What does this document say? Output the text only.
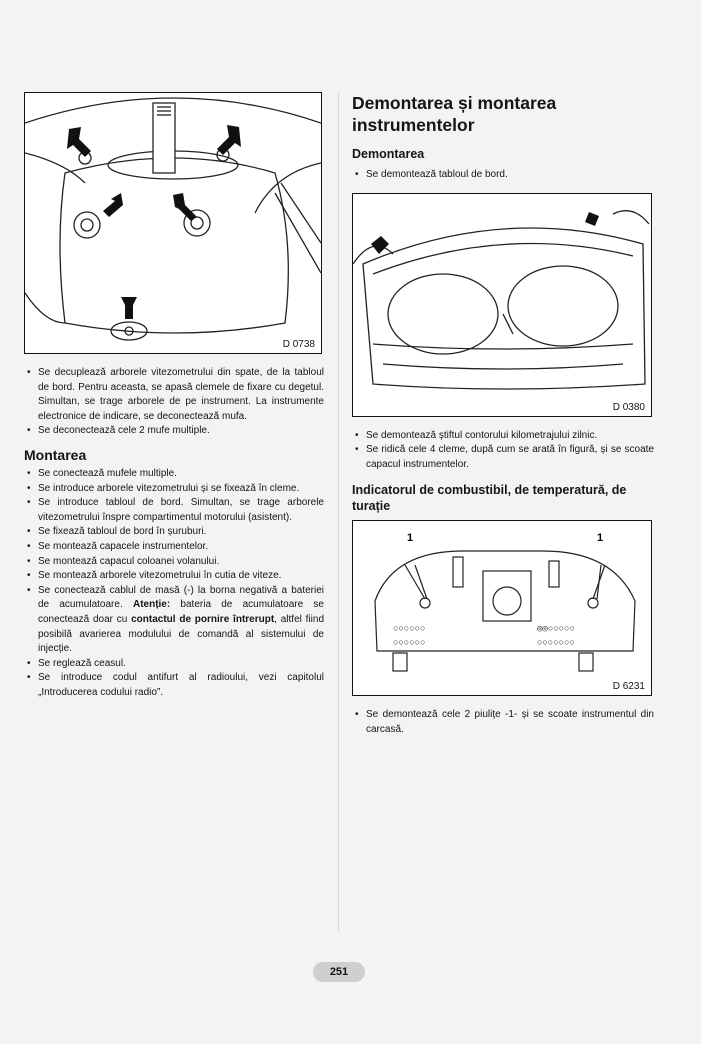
D 0738
• Se decuplează arborele vitezometrului din spate, de la tabloul de bord. Pentru aceasta, se apasă clemele de fixare cu degetul. Simultan, se trage arborele de pe instrument. La instrumente electronice de indicare, se deconectează mufa.
• Se deconectează cele 2 mufe multiple.
Montarea
• Se conectează mufele multiple.
• Se introduce arborele vitezometrului și se fixează în cleme.
• Se introduce tabloul de bord. Simultan, se trage arborele vitezometrului înspre compartimentul motorului (asistent).
• Se fixează tabloul de bord în șuruburi.
• Se montează capacele instrumentelor.
• Se montează capacul coloanei volanului.
• Se montează arborele vitezometrului în cutia de viteze.
• Se conectează cablul de masă (-) la borna negativă a bateriei de acumulatoare. Atenție: bateria de acumulatoare se conectează doar cu contactul de pornire întrerupt, altfel fiind posibilă avarierea modulului de comandă al sistemului de injecție.
• Se reglează ceasul.
• Se introduce codul antifurt al radioului, vezi capitolul „Introducerea codului radio”.
Demontarea și montarea instrumentelor
Demontarea
• Se demontează tabloul de bord.
D 0380
• Se demontează știftul contorului kilometrajului zilnic.
• Se ridică cele 4 cleme, după cum se arată în figură, și se scoate capacul instrumentelor.
Indicatorul de combustibil, de temperatură, de turație
○○○○○○
○○○○○○
◎◎○○○○○
○○○○○○○
1	1
D 6231
• Se demontează cele 2 piulițe -1- și se scoate instrumentul din carcasă.
251
